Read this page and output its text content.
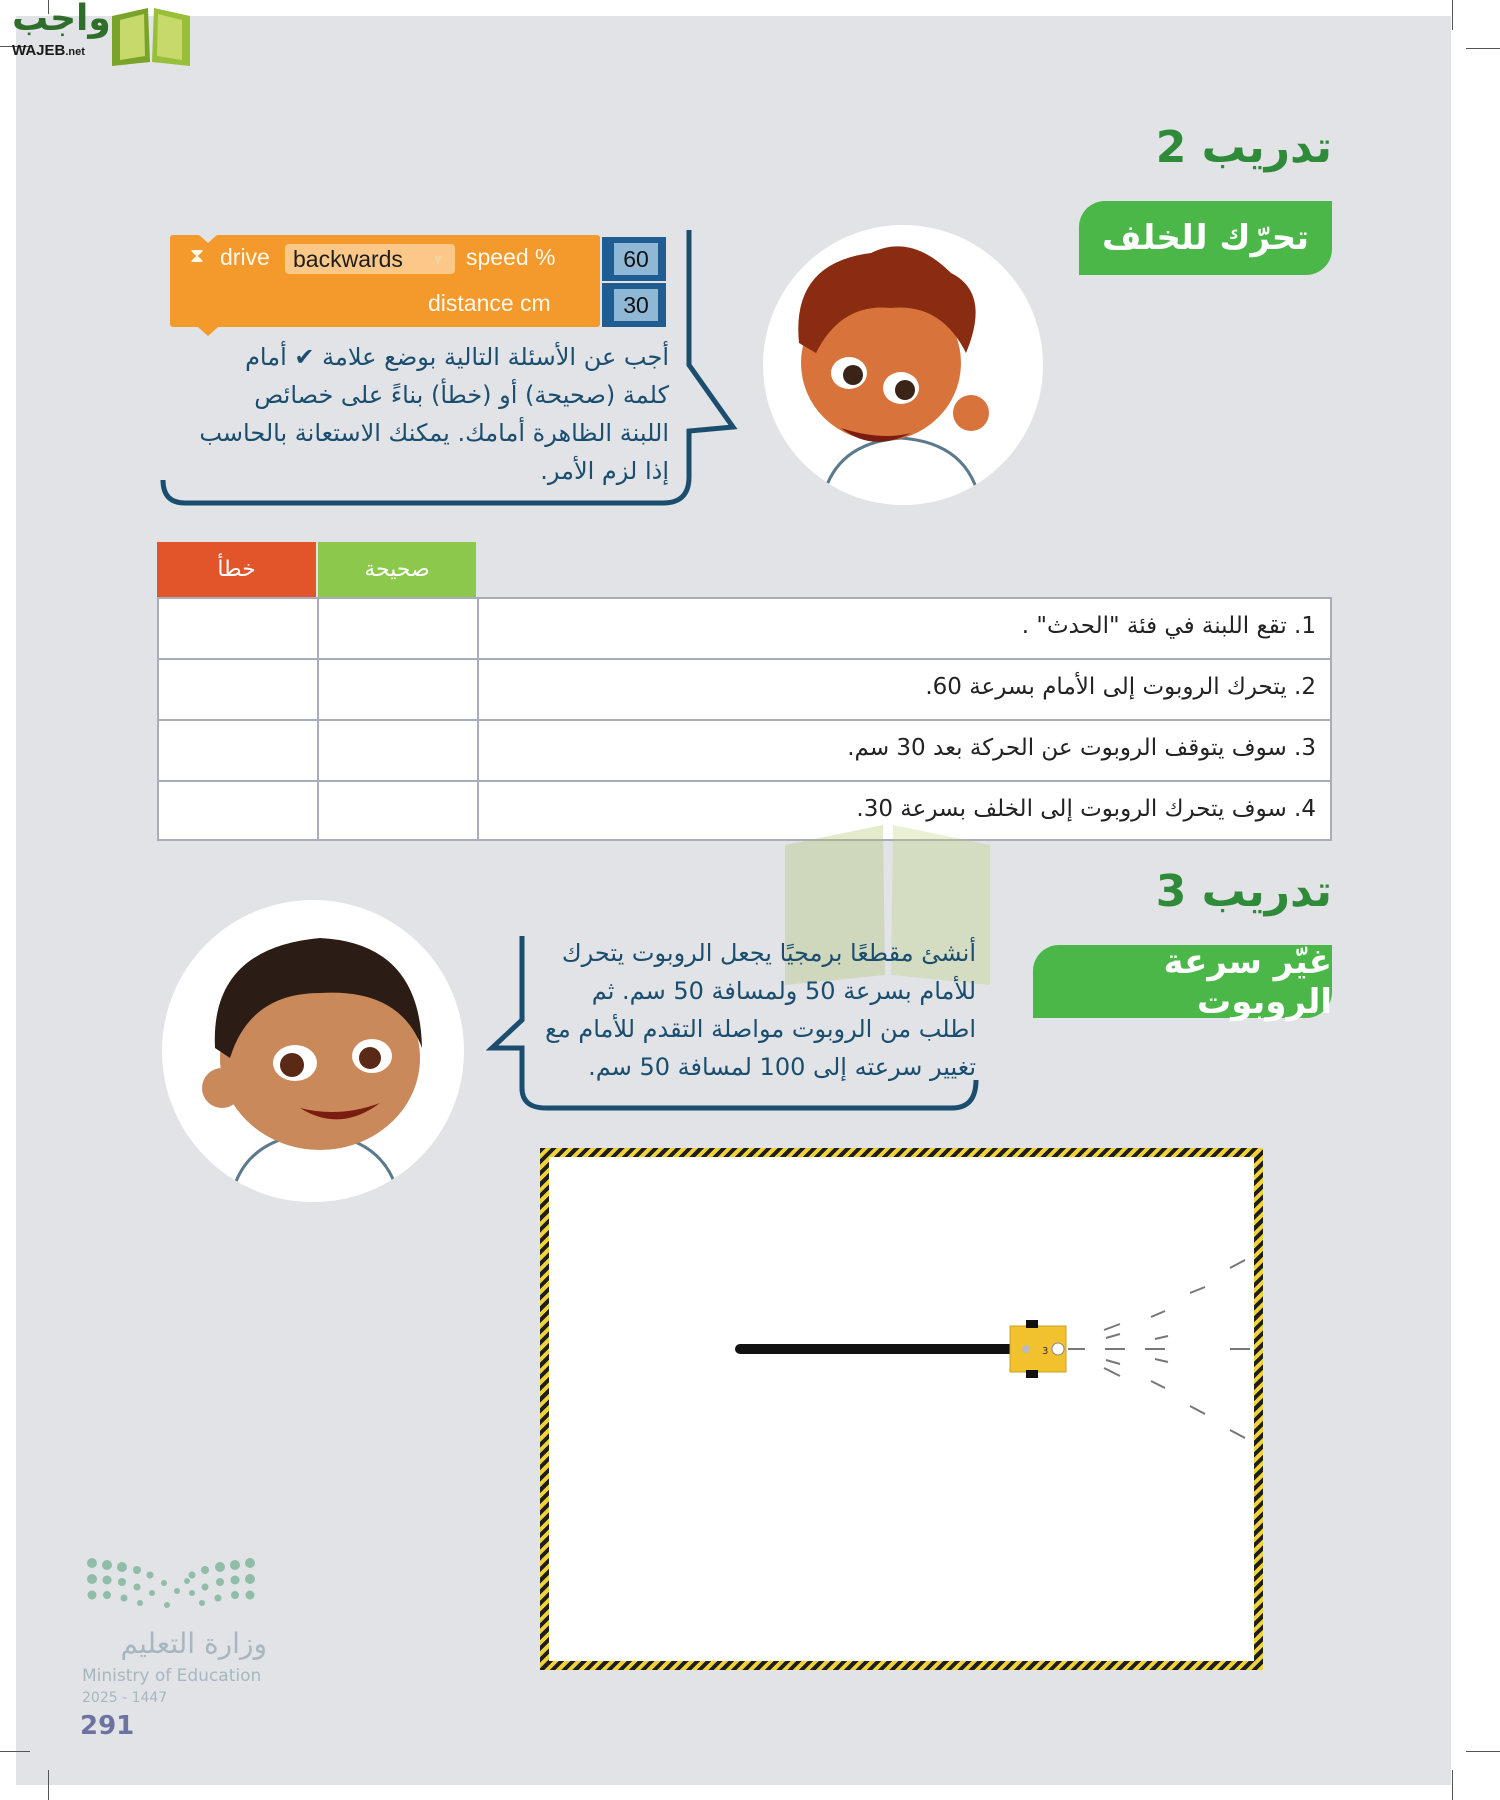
واجب
WAJEB.net
تدريب 2
تحرّك للخلف
⧗ drive	backwards ▼ speed %
distance cm
60
30
أجب عن الأسئلة التالية بوضع علامة ✔ أمام
كلمة (صحيحة) أو (خطأ) بناءً على خصائص
اللبنة الظاهرة أمامك. يمكنك الاستعانة بالحاسب
إذا لزم الأمر.
خطأ	صحيحة
1. تقع اللبنة في فئة "الحدث" .
2. يتحرك الروبوت إلى الأمام بسرعة 60.
3. سوف يتوقف الروبوت عن الحركة بعد 30 سم.
4. سوف يتحرك الروبوت إلى الخلف بسرعة 30.
تدريب 3
غيّر سرعة الروبوت
أنشئ مقطعًا برمجيًا يجعل الروبوت يتحرك
للأمام بسرعة 50 ولمسافة 50 سم. ثم
اطلب من الروبوت مواصلة التقدم للأمام مع
تغيير سرعته إلى 100 لمسافة 50 سم.
3
وزارة التعليم
Ministry of Education
2025 - 1447
291
